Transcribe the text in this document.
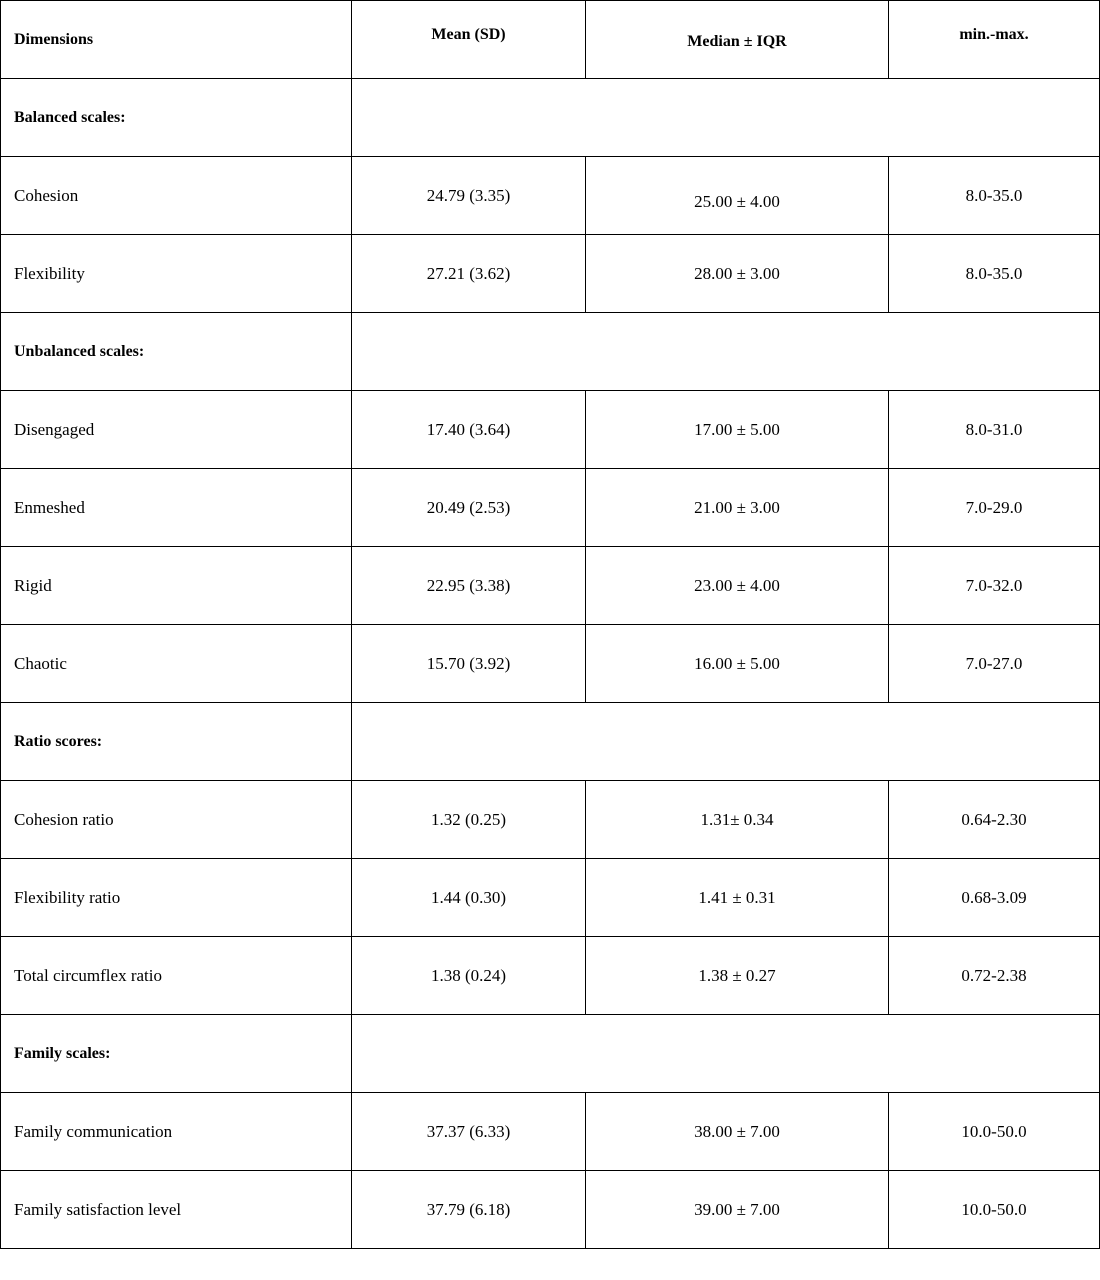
Dimensions	Mean (SD)	Median ± IQR	min.-max.
Balanced scales:			
Cohesion	24.79 (3.35)	25.00 ± 4.00	8.0-35.0
Flexibility	27.21 (3.62)	28.00 ± 3.00	8.0-35.0
Unbalanced scales:			
Disengaged	17.40 (3.64)	17.00 ± 5.00	8.0-31.0
Enmeshed	20.49 (2.53)	21.00 ± 3.00	7.0-29.0
Rigid	22.95 (3.38)	23.00 ± 4.00	7.0-32.0
Chaotic	15.70 (3.92)	16.00 ± 5.00	7.0-27.0
Ratio scores:			
Cohesion ratio	1.32 (0.25)	1.31± 0.34	0.64-2.30
Flexibility ratio	1.44 (0.30)	1.41 ± 0.31	0.68-3.09
Total circumflex ratio	1.38 (0.24)	1.38 ± 0.27	0.72-2.38
Family scales:			
Family communication	37.37 (6.33)	38.00 ± 7.00	10.0-50.0
Family satisfaction level	37.79 (6.18)	39.00 ± 7.00	10.0-50.0
